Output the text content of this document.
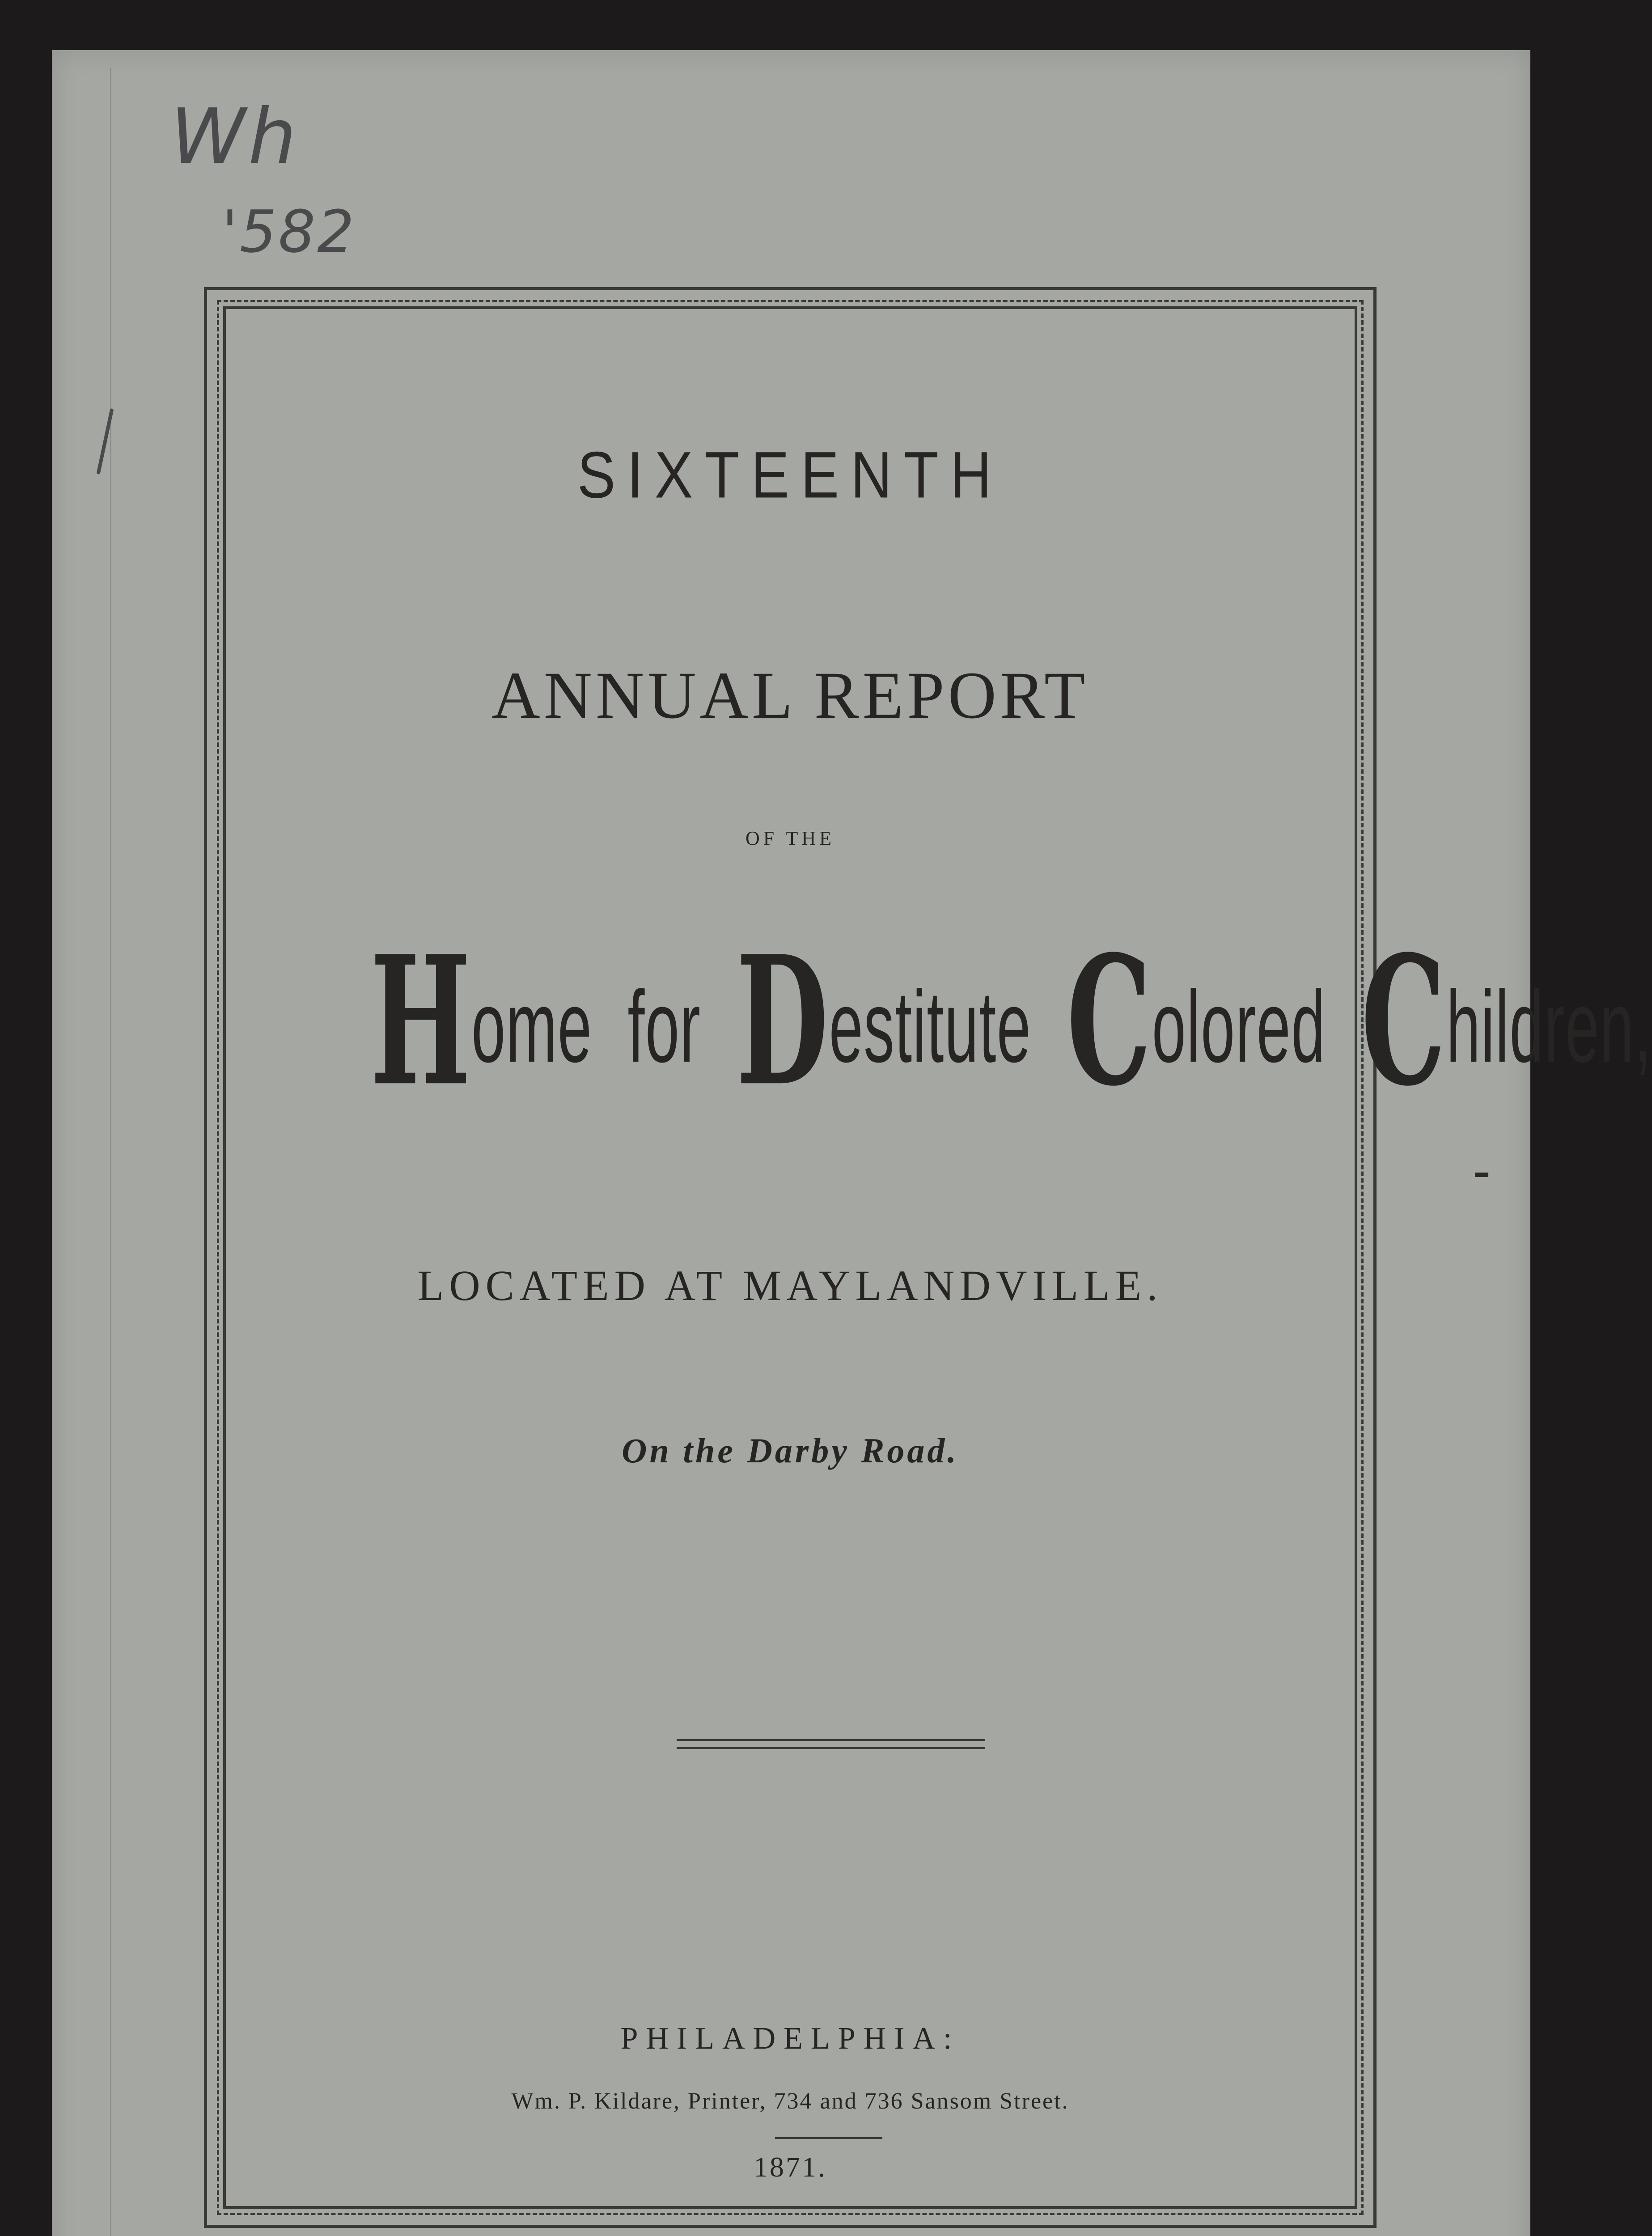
Wh
'582
SIXTEENTH
ANNUAL REPORT
OF THE
Home for Destitute Colored Children,
LOCATED AT MAYLANDVILLE.
On the Darby Road.
PHILADELPHIA:
Wm. P. Kildare, Printer, 734 and 736 Sansom Street.
1871.
